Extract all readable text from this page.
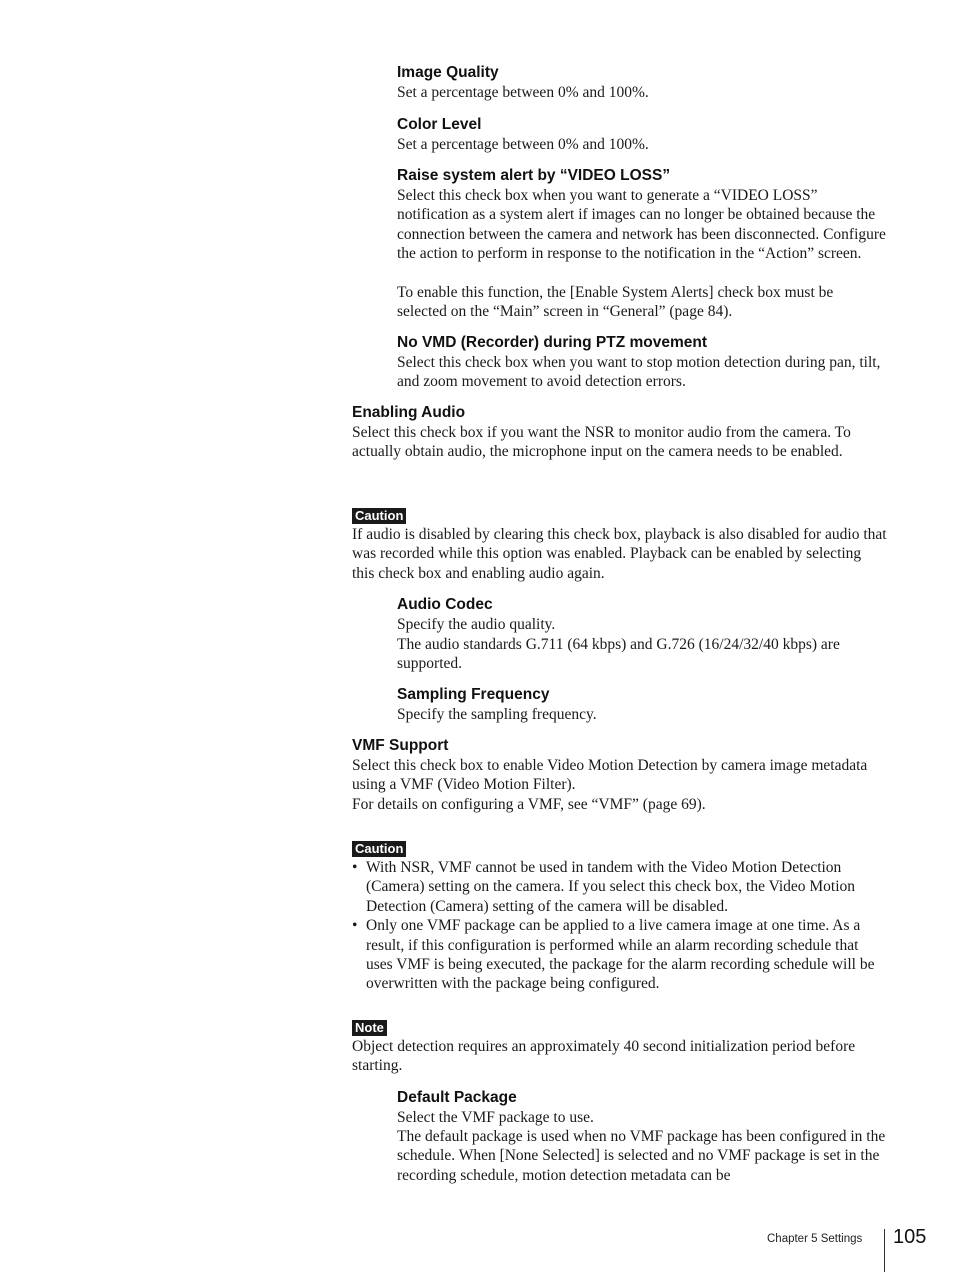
Image Quality

Set a percentage between 0% and 100%.

Color Level

Set a percentage between 0% and 100%.

Raise system alert by “VIDEO LOSS”

Select this check box when you want to generate a “VIDEO LOSS” notification as a system alert if images can no longer be obtained because the connection between the camera and network has been disconnected. Configure the action to perform in response to the notification in the “Action” screen.

To enable this function, the [Enable System Alerts] check box must be selected on the “Main” screen in “General” (page 84).

No VMD (Recorder) during PTZ movement

Select this check box when you want to stop motion detection during pan, tilt, and zoom movement to avoid detection errors.

Enabling Audio

Select this check box if you want the NSR to monitor audio from the camera. To actually obtain audio, the microphone input on the camera needs to be enabled.

Caution

If audio is disabled by clearing this check box, playback is also disabled for audio that was recorded while this option was enabled. Playback can be enabled by selecting this check box and enabling audio again.

Audio Codec

Specify the audio quality.

The audio standards G.711 (64 kbps) and G.726 (16/24/32/40 kbps) are supported.

Sampling Frequency

Specify the sampling frequency.

VMF Support

Select this check box to enable Video Motion Detection by camera image metadata using a VMF (Video Motion Filter).

For details on configuring a VMF, see “VMF” (page 69).

Caution
• With NSR, VMF cannot be used in tandem with the Video Motion Detection (Camera) setting on the camera. If you select this check box, the Video Motion Detection (Camera) setting of the camera will be disabled.
• Only one VMF package can be applied to a live camera image at one time. As a result, if this configuration is performed while an alarm recording schedule that uses VMF is being executed, the package for the alarm recording schedule will be overwritten with the package being configured.
Note

Object detection requires an approximately 40 second initialization period before starting.

Default Package

Select the VMF package to use.

The default package is used when no VMF package has been configured in the schedule. When [None Selected] is selected and no VMF package is set in the recording schedule, motion detection metadata can be

Chapter 5 Settings 105
